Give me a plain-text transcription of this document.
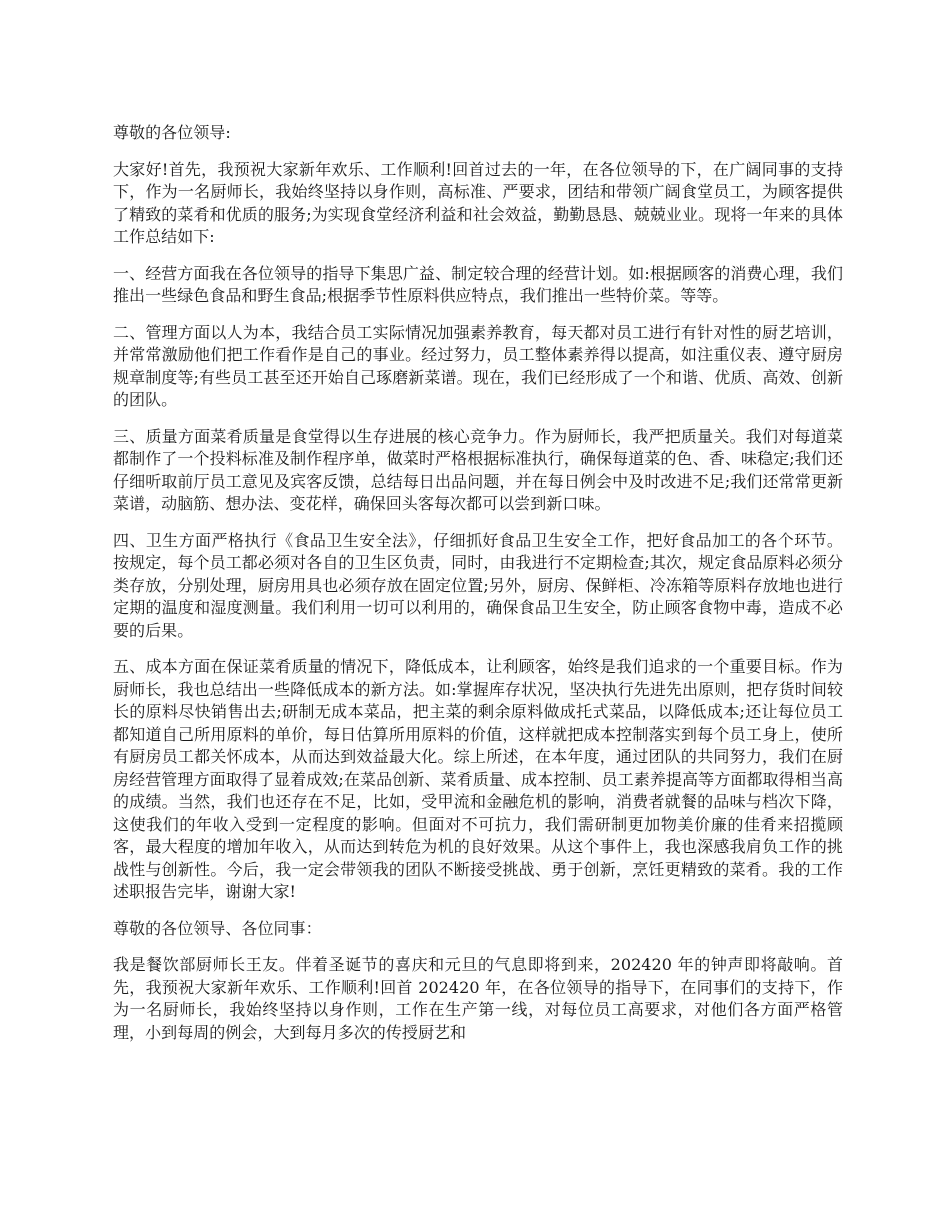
尊敬的各位领导:

大家好!首先，我预祝大家新年欢乐、工作顺利!回首过去的一年，在各位领导的下，在广阔同事的支持下，作为一名厨师长，我始终坚持以身作则，高标准、严要求，团结和带领广阔食堂员工，为顾客提供了精致的菜肴和优质的服务;为实现食堂经济利益和社会效益，勤勤恳恳、兢兢业业。现将一年来的具体工作总结如下:

一、经营方面我在各位领导的指导下集思广益、制定较合理的经营计划。如:根据顾客的消费心理，我们推出一些绿色食品和野生食品;根据季节性原料供应特点，我们推出一些特价菜。等等。

二、管理方面以人为本，我结合员工实际情况加强素养教育，每天都对员工进行有针对性的厨艺培训，并常常激励他们把工作看作是自己的事业。经过努力，员工整体素养得以提高，如注重仪表、遵守厨房规章制度等;有些员工甚至还开始自己琢磨新菜谱。现在，我们已经形成了一个和谐、优质、高效、创新的团队。

三、质量方面菜肴质量是食堂得以生存进展的核心竞争力。作为厨师长，我严把质量关。我们对每道菜都制作了一个投料标准及制作程序单，做菜时严格根据标准执行，确保每道菜的色、香、味稳定;我们还仔细听取前厅员工意见及宾客反馈，总结每日出品问题，并在每日例会中及时改进不足;我们还常常更新菜谱，动脑筋、想办法、变花样，确保回头客每次都可以尝到新口味。

四、卫生方面严格执行《食品卫生安全法》，仔细抓好食品卫生安全工作，把好食品加工的各个环节。按规定，每个员工都必须对各自的卫生区负责，同时，由我进行不定期检查;其次，规定食品原料必须分类存放，分别处理，厨房用具也必须存放在固定位置;另外，厨房、保鲜柜、冷冻箱等原料存放地也进行定期的温度和湿度测量。我们利用一切可以利用的，确保食品卫生安全，防止顾客食物中毒，造成不必要的后果。

五、成本方面在保证菜肴质量的情况下，降低成本，让利顾客，始终是我们追求的一个重要目标。作为厨师长，我也总结出一些降低成本的新方法。如:掌握库存状况，坚决执行先进先出原则，把存货时间较长的原料尽快销售出去;研制无成本菜品，把主菜的剩余原料做成托式菜品，以降低成本;还让每位员工都知道自己所用原料的单价，每日估算所用原料的价值，这样就把成本控制落实到每个员工身上，使所有厨房员工都关怀成本，从而达到效益最大化。综上所述，在本年度，通过团队的共同努力，我们在厨房经营管理方面取得了显着成效;在菜品创新、菜肴质量、成本控制、员工素养提高等方面都取得相当高的成绩。当然，我们也还存在不足，比如，受甲流和金融危机的影响，消费者就餐的品味与档次下降，这使我们的年收入受到一定程度的影响。但面对不可抗力，我们需研制更加物美价廉的佳肴来招揽顾客，最大程度的增加年收入，从而达到转危为机的良好效果。从这个事件上，我也深感我肩负工作的挑战性与创新性。今后，我一定会带领我的团队不断接受挑战、勇于创新，烹饪更精致的菜肴。我的工作述职报告完毕，谢谢大家!

尊敬的各位领导、各位同事：

我是餐饮部厨师长王友。伴着圣诞节的喜庆和元旦的气息即将到来，202420 年的钟声即将敲响。首先，我预祝大家新年欢乐、工作顺利!回首 202420 年，在各位领导的指导下，在同事们的支持下，作为一名厨师长，我始终坚持以身作则，工作在生产第一线，对每位员工高要求，对他们各方面严格管理，小到每周的例会，大到每月多次的传授厨艺和
